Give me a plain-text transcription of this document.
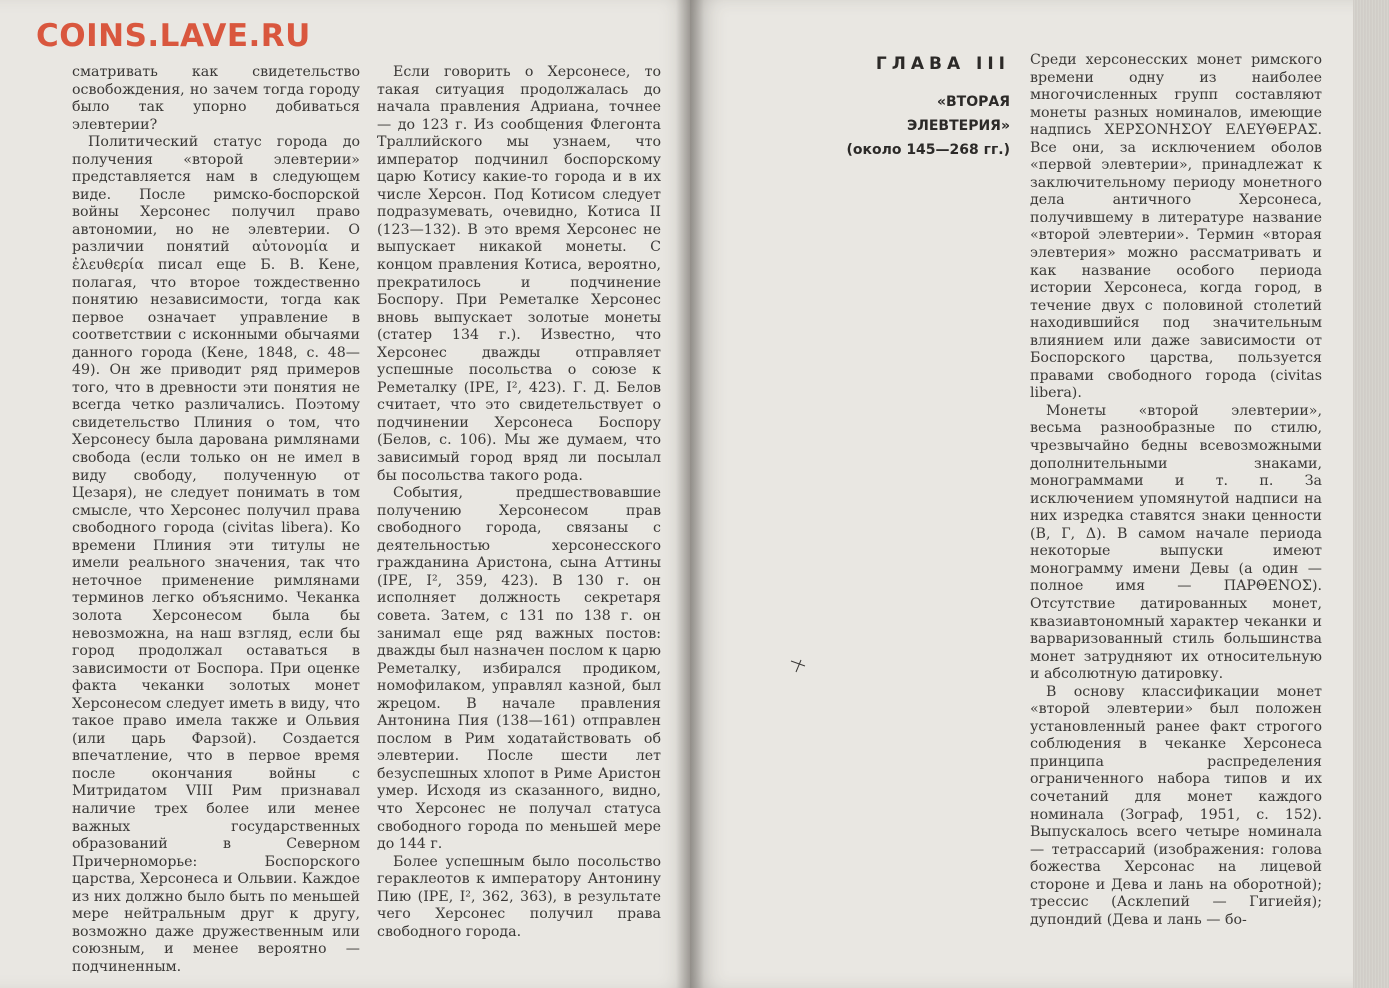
COINS.LAVE.RU

сматривать как свидетельство освобождения, но зачем тогда городу было так упорно добиваться элевтерии?

Политический статус города до получения «второй элевтерии» представляется нам в следующем виде. После римско-боспорской войны Херсонес получил право автономии, но не элевтерии. О различии понятий αὐτονομία и ἐλευθερία писал еще Б. В. Кене, полагая, что второе тождественно понятию независимости, тогда как первое означает управление в соответствии с исконными обычаями данного города (Кене, 1848, с. 48—49). Он же приводит ряд примеров того, что в древности эти понятия не всегда четко различались. Поэтому свидетельство Плиния о том, что Херсонесу была дарована римлянами свобода (если только он не имел в виду свободу, полученную от Цезаря), не следует понимать в том смысле, что Херсонес получил права свободного города (civitas libera). Ко времени Плиния эти титулы не имели реального значения, так что неточное применение римлянами терминов легко объяснимо. Чеканка золота Херсонесом была бы невозможна, на наш взгляд, если бы город продолжал оставаться в зависимости от Боспора. При оценке факта чеканки золотых монет Херсонесом следует иметь в виду, что такое право имела также и Ольвия (или царь Фарзой). Создается впечатление, что в первое время после окончания войны с Митридатом VIII Рим признавал наличие трех более или менее важных государственных образований в Северном Причерноморье: Боспорского царства, Херсонеса и Ольвии. Каждое из них должно было быть по меньшей мере нейтральным друг к другу, возможно даже дружественным или союзным, и менее вероятно — подчиненным.

Если говорить о Херсонесе, то такая ситуация продолжалась до начала правления Адриана, точнее — до 123 г. Из сообщения Флегонта Траллийского мы узнаем, что император подчинил боспорскому царю Котису какие-то города и в их числе Херсон. Под Котисом следует подразумевать, очевидно, Котиса II (123—132). В это время Херсонес не выпускает никакой монеты. С концом правления Котиса, вероятно, прекратилось и подчинение Боспору. При Реметалке Херсонес вновь выпускает золотые монеты (статер 134 г.). Известно, что Херсонес дважды отправляет успешные посольства о союзе к Реметалку (IPE, I², 423). Г. Д. Белов считает, что это свидетельствует о подчинении Херсонеса Боспору (Белов, с. 106). Мы же думаем, что зависимый город вряд ли посылал бы посольства такого рода.

События, предшествовавшие получению Херсонесом прав свободного города, связаны с деятельностью херсонесского гражданина Аристона, сына Аттины (IPE, I², 359, 423). В 130 г. он исполняет должность секретаря совета. Затем, с 131 по 138 г. он занимал еще ряд важных постов: дважды был назначен послом к царю Реметалку, избирался продиком, номофилаком, управлял казной, был жрецом. В начале правления Антонина Пия (138—161) отправлен послом в Рим ходатайствовать об элевтерии. После шести лет безуспешных хлопот в Риме Аристон умер. Исходя из сказанного, видно, что Херсонес не получал статуса свободного города по меньшей мере до 144 г.

Более успешным было посольство гераклеотов к императору Антонину Пию (IPE, I², 362, 363), в результате чего Херсонес получил права свободного города.

ГЛАВА III
«ВТОРАЯ
ЭЛЕВТЕРИЯ»
(около 145—268 гг.)

Среди херсонесских монет римского времени одну из наиболее многочисленных групп составляют монеты разных номиналов, имеющие надпись ΧΕΡΣΟΝΗΣΟΥ ΕΛΕΥΘΕΡΑΣ. Все они, за исключением оболов «первой элевтерии», принадлежат к заключительному периоду монетного дела античного Херсонеса, получившему в литературе название «второй элевтерии». Термин «вторая элевтерия» можно рассматривать и как название особого периода истории Херсонеса, когда город, в течение двух с половиной столетий находившийся под значительным влиянием или даже зависимости от Боспорского царства, пользуется правами свободного города (civitas libera).

Монеты «второй элевтерии», весьма разнообразные по стилю, чрезвычайно бедны всевозможными дополнительными знаками, монограммами и т. п. За исключением упомянутой надписи на них изредка ставятся знаки ценности (В, Г, Δ). В самом начале периода некоторые выпуски имеют монограмму имени Девы (а один — полное имя — ΠΑΡΘΕΝΟΣ). Отсутствие датированных монет, квазиавтономный характер чеканки и варваризованный стиль большинства монет затрудняют их относительную и абсолютную датировку.

В основу классификации монет «второй элевтерии» был положен установленный ранее факт строгого соблюдения в чеканке Херсонеса принципа распределения ограниченного набора типов и их сочетаний для монет каждого номинала (Зограф, 1951, с. 152). Выпускалось всего четыре номинала — тетрассарий (изображения: голова божества Херсонас на лицевой стороне и Дева и лань на оборотной); трессис (Асклепий — Гигиейя); дупондий (Дева и лань — бо-
